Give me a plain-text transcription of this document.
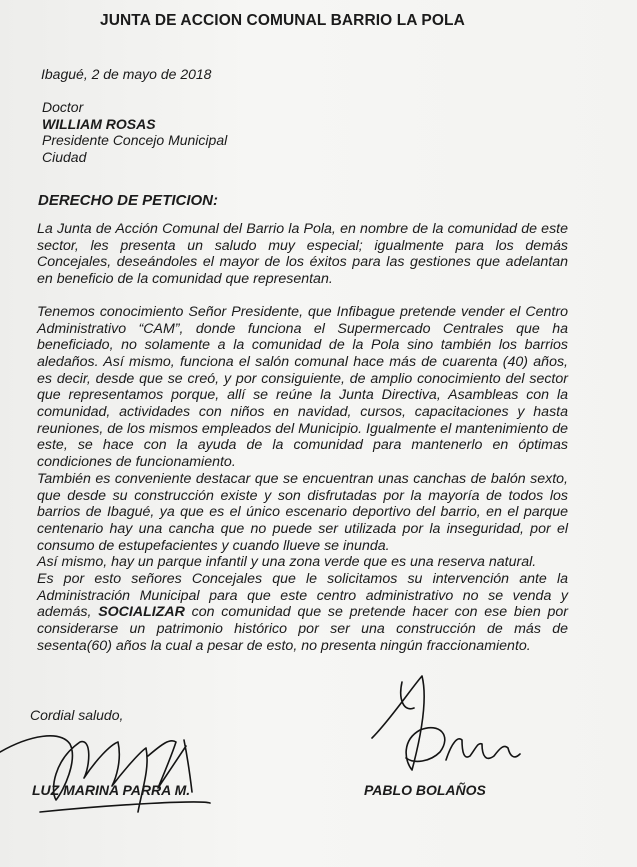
JUNTA DE ACCION COMUNAL BARRIO LA POLA
Ibagué, 2 de mayo de 2018
Doctor
WILLIAM ROSAS
Presidente Concejo Municipal
Ciudad
DERECHO DE PETICION:

La Junta de Acción Comunal del Barrio la Pola, en nombre de la comunidad de este sector, les presenta un saludo muy especial; igualmente para los demás Concejales, deseándoles el mayor de los éxitos para las gestiones que adelantan en beneficio de la comunidad que representan.

Tenemos conocimiento Señor Presidente, que Infibague pretende vender el Centro Administrativo “CAM”, donde funciona el Supermercado Centrales que ha beneficiado, no solamente a la comunidad de la Pola sino también los barrios aledaños. Así mismo, funciona el salón comunal hace más de cuarenta (40) años, es decir, desde que se creó, y por consiguiente, de amplio conocimiento del sector que representamos porque, allí se reúne la Junta Directiva, Asambleas con la comunidad, actividades con niños en navidad, cursos, capacitaciones y hasta reuniones, de los mismos empleados del Municipio. Igualmente el mantenimiento de este, se hace con la ayuda de la comunidad para mantenerlo en óptimas condiciones de funcionamiento.

También es conveniente destacar que se encuentran unas canchas de balón sexto, que desde su construcción existe y son disfrutadas por la mayoría de todos los barrios de Ibagué, ya que es el único escenario deportivo del barrio, en el parque centenario hay una cancha que no puede ser utilizada por la inseguridad, por el consumo de estupefacientes y cuando llueve se inunda.

Así mismo, hay un parque infantil y una zona verde que es una reserva natural.

Es por esto señores Concejales que le solicitamos su intervención ante la Administración Municipal para que este centro administrativo no se venda y además, SOCIALIZAR con comunidad que se pretende hacer con ese bien por considerarse un patrimonio histórico por ser una construcción de más de sesenta(60) años la cual a pesar de esto, no presenta ningún fraccionamiento.

Cordial saludo,
LUZ MARINA PARRA M.	PABLO BOLAÑOS
